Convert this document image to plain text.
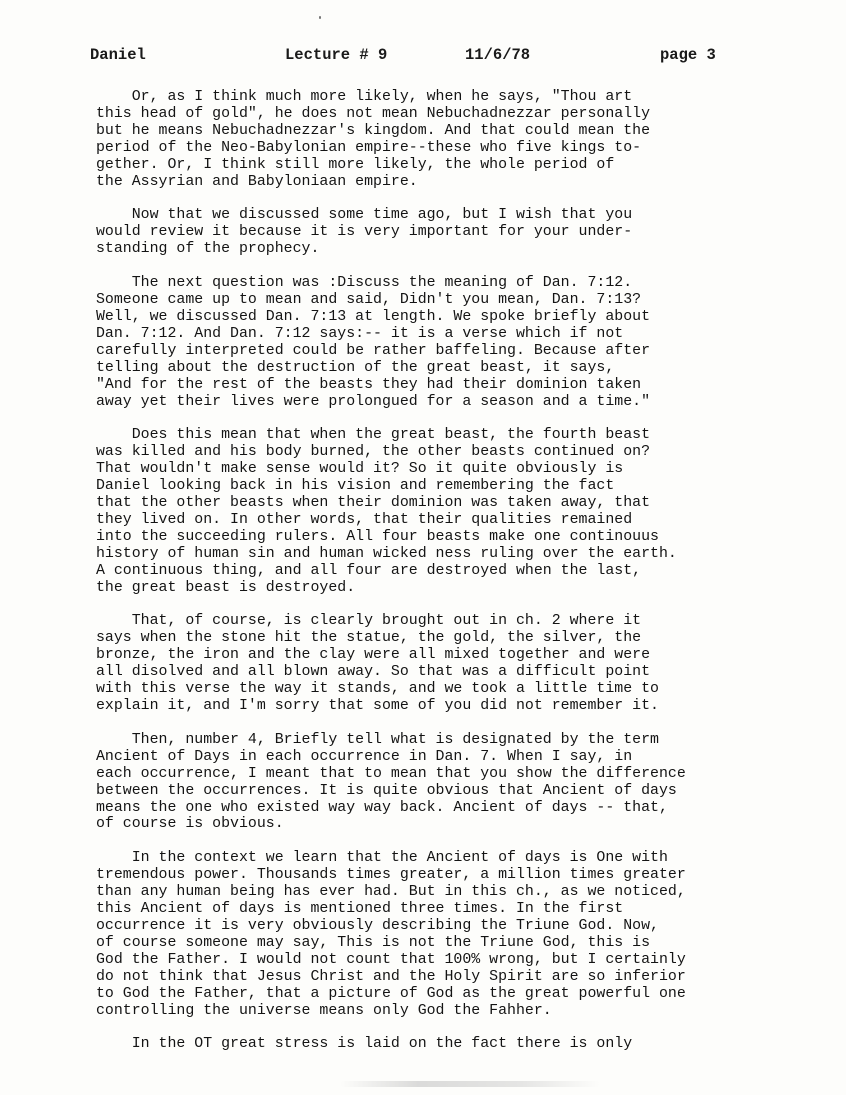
Daniel	Lecture # 9	11/6/78	page 3

Or, as I think much more likely, when he says, "Thou art
this head of gold", he does not mean Nebuchadnezzar personally
but he means Nebuchadnezzar's kingdom. And that could mean the
period of the Neo-Babylonian empire--these who five kings to-
gether. Or, I think still more likely, the whole period of
the Assyrian and Babyloniaan empire.

Now that we discussed some time ago, but I wish that you
would review it because it is very important for your under-
standing of the prophecy.

The next question was :Discuss the meaning of Dan. 7:12.
Someone came up to mean and said, Didn't you mean, Dan. 7:13?
Well, we discussed Dan. 7:13 at length. We spoke briefly about
Dan. 7:12. And Dan. 7:12 says:-- it is a verse which if not
carefully interpreted could be rather baffeling. Because after
telling about the destruction of the great beast, it says,
"And for the rest of the beasts they had their dominion taken
away yet their lives were prolongued for a season and a time."

Does this mean that when the great beast, the fourth beast
was killed and his body burned, the other beasts continued on?
That wouldn't make sense would it? So it quite obviously is
Daniel looking back in his vision and remembering the fact
that the other beasts when their dominion was taken away, that
they lived on. In other words, that their qualities remained
into the succeeding rulers. All four beasts make one continouus
history of human sin and human wicked ness ruling over the earth.
A continuous thing, and all four are destroyed when the last,
the great beast is destroyed.

That, of course, is clearly brought out in ch. 2 where it
says when the stone hit the statue, the gold, the silver, the
bronze, the iron and the clay were all mixed together and were
all disolved and all blown away. So that was a difficult point
with this verse the way it stands, and we took a little time to
explain it, and I'm sorry that some of you did not remember it.

Then, number 4, Briefly tell what is designated by the term
Ancient of Days in each occurrence in Dan. 7. When I say, in
each occurrence, I meant that to mean that you show the difference
between the occurrences. It is quite obvious that Ancient of days
means the one who existed way way back. Ancient of days -- that,
of course is obvious.

In the context we learn that the Ancient of days is One with
tremendous power. Thousands times greater, a million times greater
than any human being has ever had. But in this ch., as we noticed,
this Ancient of days is mentioned three times. In the first
occurrence it is very obviously describing the Triune God. Now,
of course someone may say, This is not the Triune God, this is
God the Father. I would not count that 100% wrong, but I certainly
do not think that Jesus Christ and the Holy Spirit are so inferior
to God the Father, that a picture of God as the great powerful one
controlling the universe means only God the Fahher.

In the OT great stress is laid on the fact there is only
